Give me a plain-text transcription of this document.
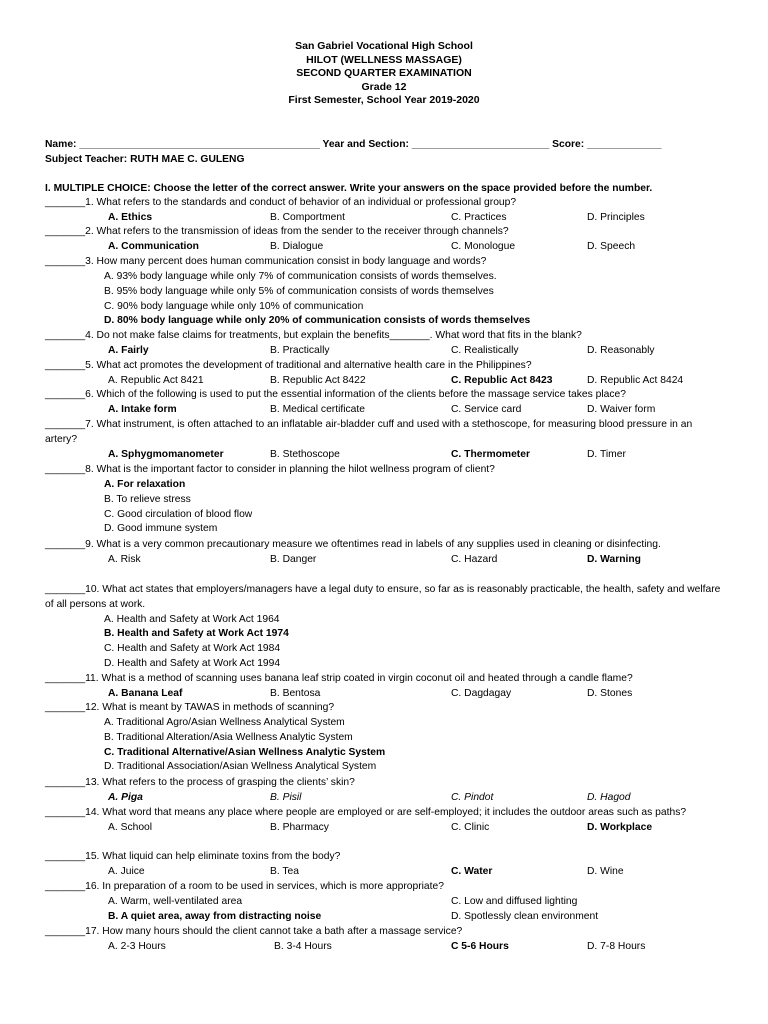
San Gabriel Vocational High School
HILOT (WELLNESS MASSAGE)
SECOND QUARTER EXAMINATION
Grade 12
First Semester, School Year 2019-2020
Name: __________________________________________ Year and Section: ________________________ Score: _____________
Subject Teacher: RUTH MAE C. GULENG
I. MULTIPLE CHOICE: Choose the letter of the correct answer. Write your answers on the space provided before the number.
_______1. What refers to the standards and conduct of behavior of an individual or professional group?
A. Ethics	B. Comportment	C. Practices	D. Principles
_______2. What refers to the transmission of ideas from the sender to the receiver through channels?
A. Communication	B. Dialogue	C. Monologue	D. Speech
_______3. How many percent does human communication consist in body language and words?
A. 93% body language while only 7% of communication consists of words themselves.
B. 95% body language while only 5% of communication consists of words themselves
C. 90% body language while only 10% of communication
D. 80% body language while only 20% of communication consists of words themselves
_______4. Do not make false claims for treatments, but explain the benefits_______. What word that fits in the blank?
A. Fairly	B. Practically	C. Realistically	D. Reasonably
_______5. What act promotes the development of traditional and alternative health care in the Philippines?
A. Republic Act 8421	B. Republic Act 8422	C. Republic Act 8423	D. Republic Act 8424
_______6. Which of the following is used to put the essential information of the clients before the massage service takes place?
A. Intake form	B. Medical certificate	C. Service card	D. Waiver form
_______7. What instrument, is often attached to an inflatable air-bladder cuff and used with a stethoscope, for measuring blood pressure in an artery?
A. Sphygmomanometer	B. Stethoscope	C. Thermometer	D. Timer
_______8. What is the important factor to consider in planning the hilot wellness program of client?
A. For relaxation
B. To relieve stress
C. Good circulation of blood flow
D. Good immune system
_______9. What is a very common precautionary measure we oftentimes read in labels of any supplies used in cleaning or disinfecting.
A. Risk	B. Danger	C. Hazard	D. Warning
_______10. What act states that employers/managers have a legal duty to ensure, so far as is reasonably practicable, the health, safety and welfare of all persons at work.
A. Health and Safety at Work Act 1964
B. Health and Safety at Work Act 1974
C. Health and Safety at Work Act 1984
D. Health and Safety at Work Act 1994
_______11. What is a method of scanning uses banana leaf strip coated in virgin coconut oil and heated through a candle flame?
A. Banana Leaf	B. Bentosa	C. Dagdagay	D. Stones
_______12. What is meant by TAWAS in methods of scanning?
A. Traditional Agro/Asian Wellness Analytical System
B. Traditional Alteration/Asia Wellness Analytic System
C. Traditional Alternative/Asian Wellness Analytic System
D. Traditional Association/Asian Wellness Analytical System
_______13. What refers to the process of grasping the clients’ skin?
A. Piga	B. Pisil	C. Pindot	D. Hagod
_______14. What word that means any place where people are employed or are self-employed; it includes the outdoor areas such as paths?
A. School	B. Pharmacy	C. Clinic	D. Workplace
_______15. What liquid can help eliminate toxins from the body?
A. Juice	B. Tea	C. Water	D. Wine
_______16. In preparation of a room to be used in services, which is more appropriate?
A. Warm, well-ventilated area	C. Low and diffused lighting
B. A quiet area, away from distracting noise	D. Spotlessly clean environment
_______17. How many hours should the client cannot take a bath after a massage service?
A. 2-3 Hours	B. 3-4 Hours	C 5-6 Hours	D. 7-8 Hours
